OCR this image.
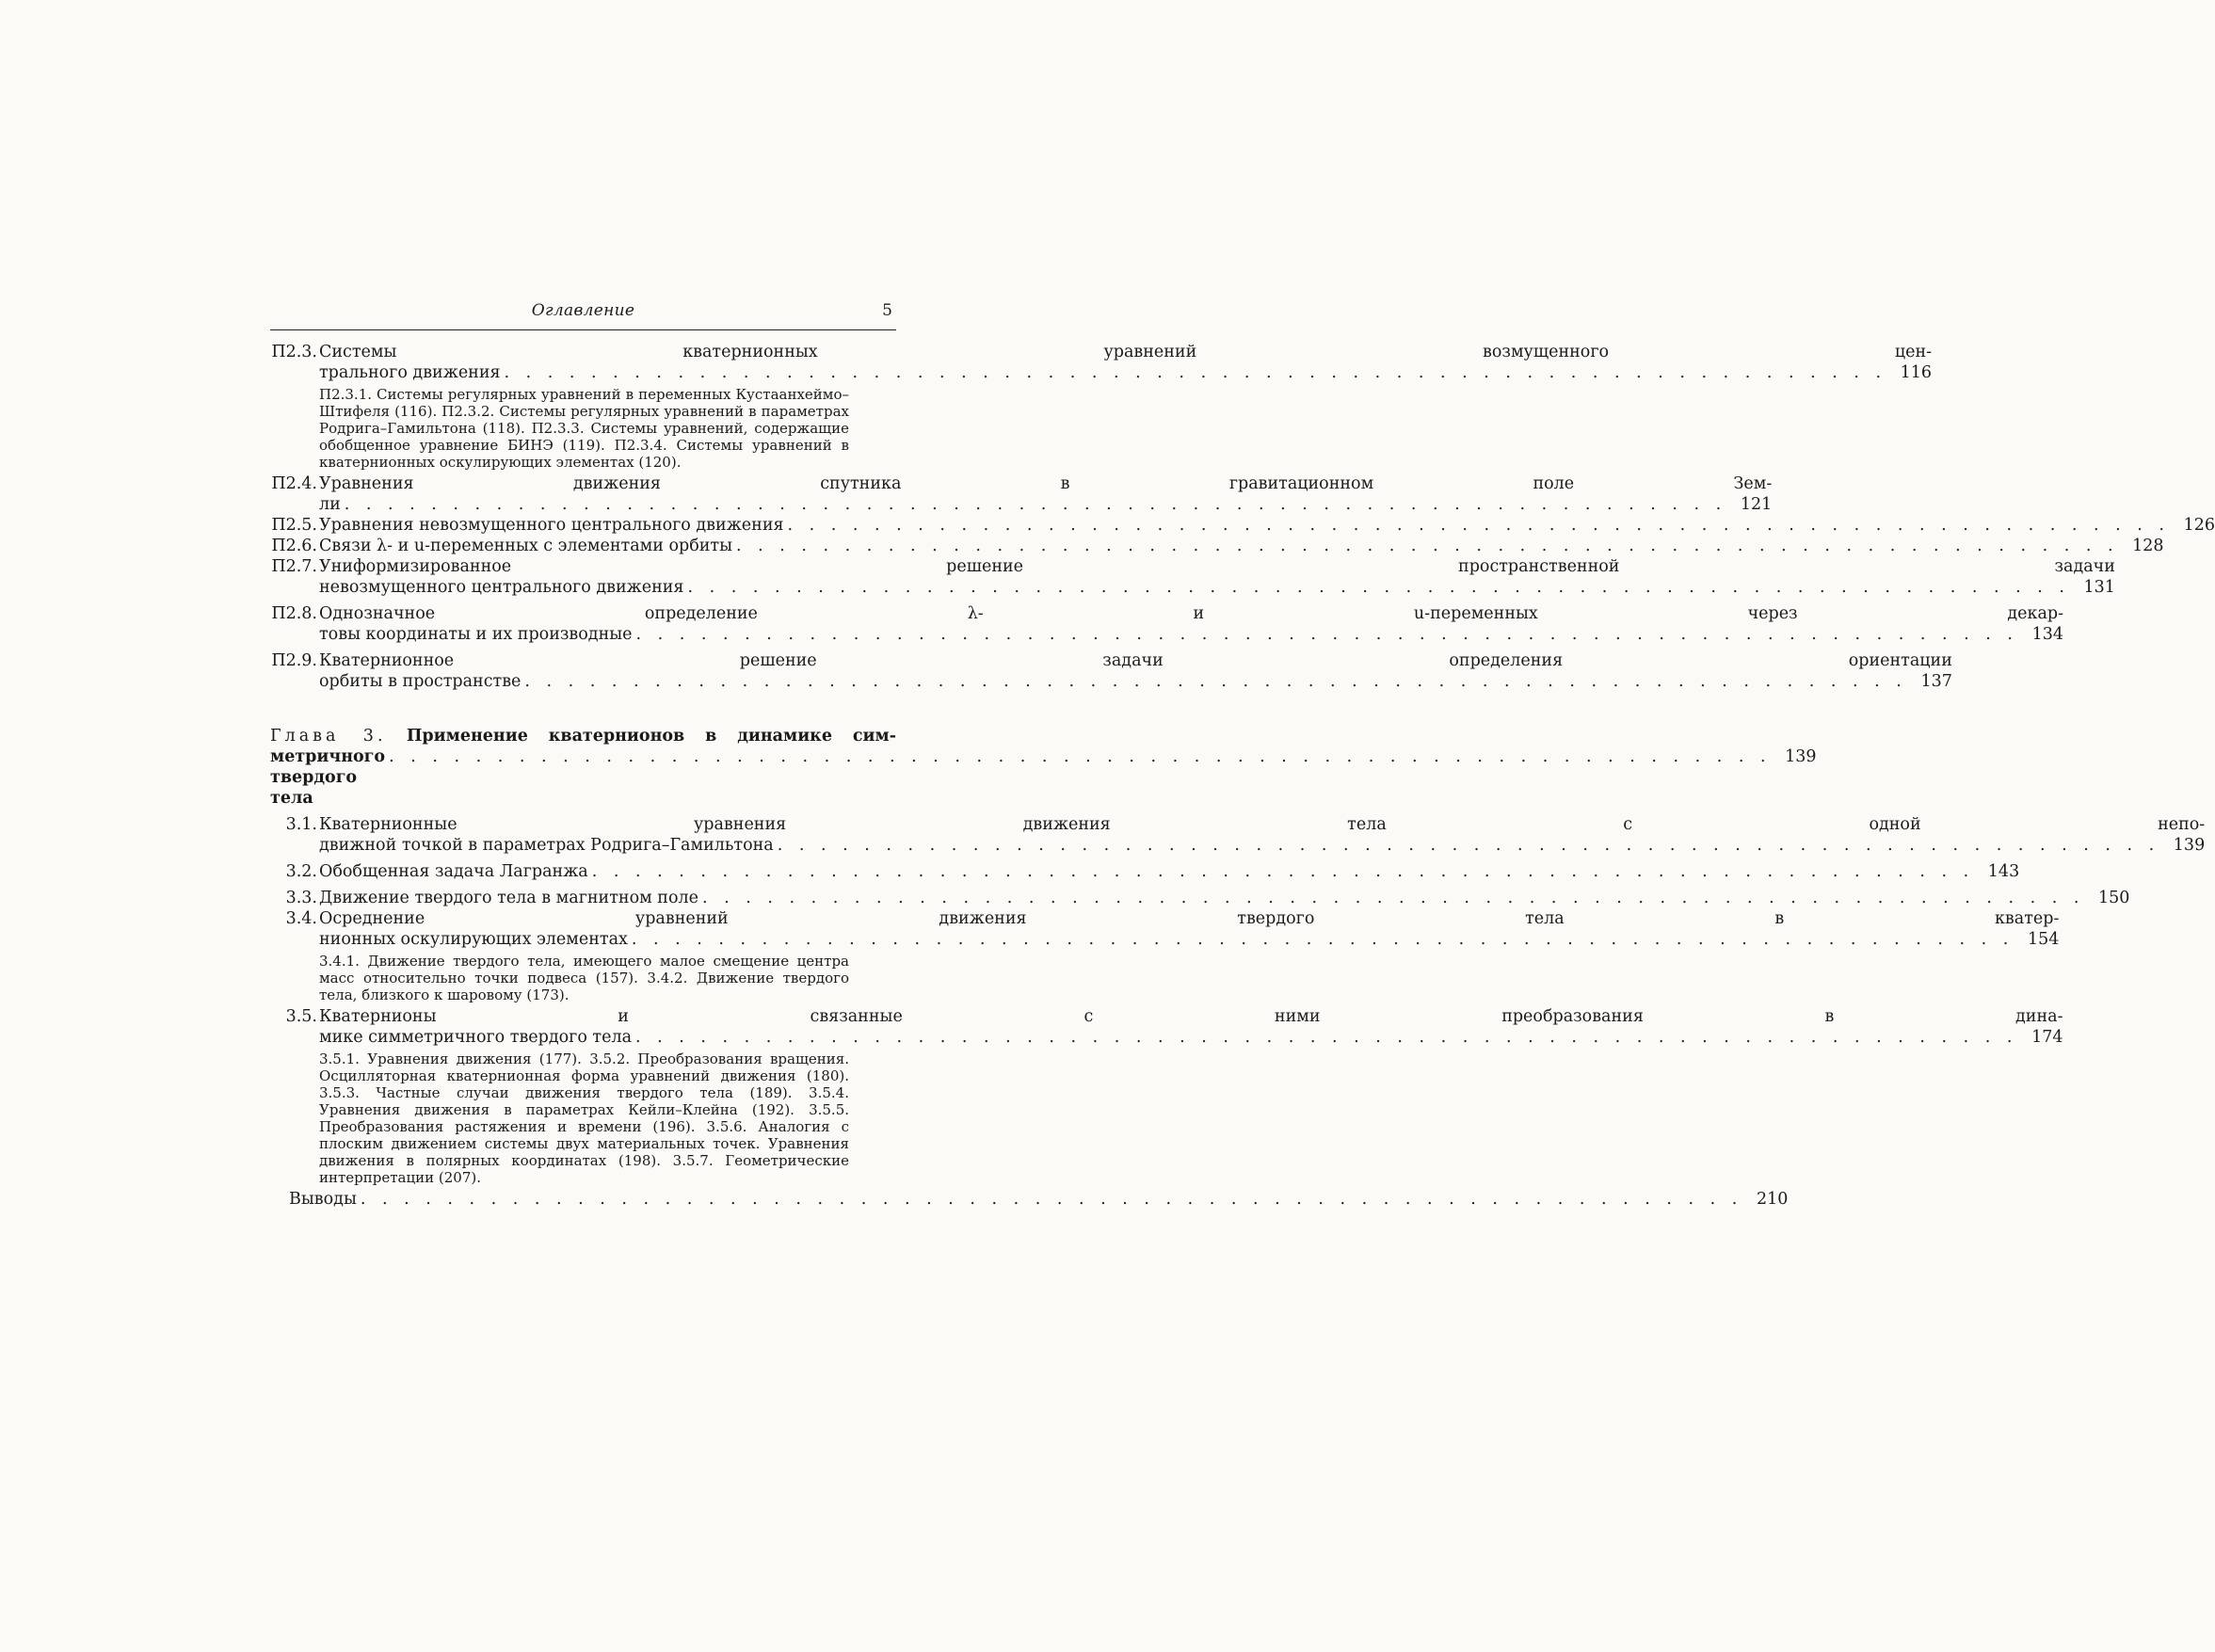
Оглавление	5
П2.3. Системы кватернионных уравнений возмущенного цен-
трального движения . . . . . . . . . . . . . . . . . . . . . . . . . . . . . . . . . . . . . . . . . . . . . . . . . . . . . . . . . . . . . . . . 116
П2.3.1. Системы регулярных уравнений в переменных Кустаанхеймо–Штифеля (116). П2.3.2. Системы регулярных уравнений в параметрах Родрига–Гамильтона (118). П2.3.3. Системы уравнений, содержащие обобщенное уравнение БИНЭ (119). П2.3.4. Системы уравнений в кватернионных оскулирующих элементах (120).
П2.4. Уравнения движения спутника в гравитационном поле Зем-
ли . . . . . . . . . . . . . . . . . . . . . . . . . . . . . . . . . . . . . . . . . . . . . . . . . . . . . . . . . . . . . . . . 121
П2.5. Уравнения невозмущенного центрального движения . . . . . . . . . . . . . . . . . . . . . . . . . . . . . . . . . . . . . . . . . . . . . . . . . . . . . . . . . . . . . . . . 126
П2.6. Связи λ- и u-переменных с элементами орбиты . . . . . . . . . . . . . . . . . . . . . . . . . . . . . . . . . . . . . . . . . . . . . . . . . . . . . . . . . . . . . . . . 128
П2.7. Униформизированное решение пространственной задачи
невозмущенного центрального движения . . . . . . . . . . . . . . . . . . . . . . . . . . . . . . . . . . . . . . . . . . . . . . . . . . . . . . . . . . . . . . . . 131
П2.8. Однозначное определение λ- и u-переменных через декар-
товы координаты и их производные . . . . . . . . . . . . . . . . . . . . . . . . . . . . . . . . . . . . . . . . . . . . . . . . . . . . . . . . . . . . . . . . 134
П2.9. Кватернионное решение задачи определения ориентации
орбиты в пространстве . . . . . . . . . . . . . . . . . . . . . . . . . . . . . . . . . . . . . . . . . . . . . . . . . . . . . . . . . . . . . . . . 137
Глава 3. Применение кватернионов в динамике сим-
метричного твердого тела
. . . . . . . . . . . . . . . . . . . . . . . . . . . . . . . . . . . . . . . . . . . . . . . . . . . . . . . . . . . . . . . . 139
3.1. Кватернионные уравнения движения тела с одной непо-
движной точкой в параметрах Родрига–Гамильтона . . . . . . . . . . . . . . . . . . . . . . . . . . . . . . . . . . . . . . . . . . . . . . . . . . . . . . . . . . . . . . . . 139
3.2. Обобщенная задача Лагранжа . . . . . . . . . . . . . . . . . . . . . . . . . . . . . . . . . . . . . . . . . . . . . . . . . . . . . . . . . . . . . . . . 143
3.3. Движение твердого тела в магнитном поле . . . . . . . . . . . . . . . . . . . . . . . . . . . . . . . . . . . . . . . . . . . . . . . . . . . . . . . . . . . . . . . . 150
3.4. Осреднение уравнений движения твердого тела в кватер-
нионных оскулирующих элементах . . . . . . . . . . . . . . . . . . . . . . . . . . . . . . . . . . . . . . . . . . . . . . . . . . . . . . . . . . . . . . . . 154
3.4.1. Движение твердого тела, имеющего малое смещение центра масс относительно точки подвеса (157). 3.4.2. Движение твердого тела, близкого к шаровому (173).
3.5. Кватернионы и связанные с ними преобразования в дина-
мике симметричного твердого тела . . . . . . . . . . . . . . . . . . . . . . . . . . . . . . . . . . . . . . . . . . . . . . . . . . . . . . . . . . . . . . . . 174
3.5.1. Уравнения движения (177). 3.5.2. Преобразования вращения. Осцилляторная кватернионная форма уравнений движения (180). 3.5.3. Частные случаи движения твердого тела (189). 3.5.4. Уравнения движения в параметрах Кейли–Клейна (192). 3.5.5. Преобразования растяжения и времени (196). 3.5.6. Аналогия с плоским движением системы двух материальных точек. Уравнения движения в полярных координатах (198). 3.5.7. Геометрические интерпретации (207).
Выводы . . . . . . . . . . . . . . . . . . . . . . . . . . . . . . . . . . . . . . . . . . . . . . . . . . . . . . . . . . . . . . . . 210
